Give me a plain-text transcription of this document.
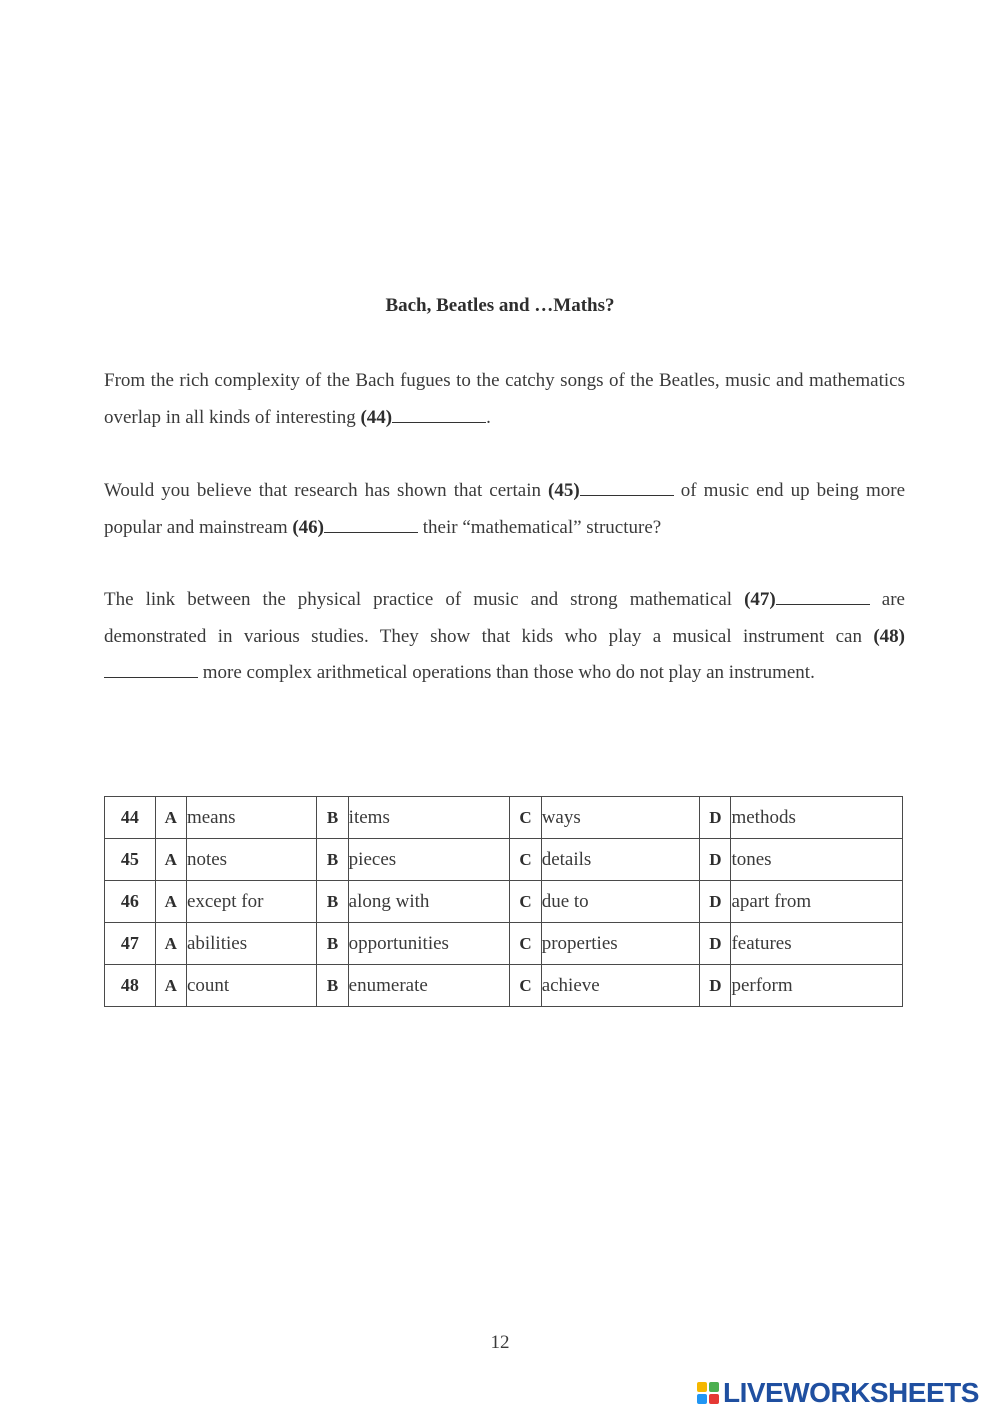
Bach, Beatles and …Maths?

From the rich complexity of the Bach fugues to the catchy songs of the Beatles, music and mathematics overlap in all kinds of interesting (44)	.

Would you believe that research has shown that certain (45)	of music end up being more popular and mainstream (46)	their “mathematical” structure?

The link between the physical practice of music and strong mathematical (47)	are demonstrated in various studies. They show that kids who play a musical instrument can (48) more complex arithmetical operations than those who do not play an instrument.

44	A	means	B	items	C	ways	D	methods
45	A	notes	B	pieces	C	details	D	tones
46	A	except for	B	along with	C	due to	D	apart from
47	A	abilities	B	opportunities	C	properties	D	features
48	A	count	B	enumerate	C	achieve	D	perform
12
LIVEWORKSHEETS
